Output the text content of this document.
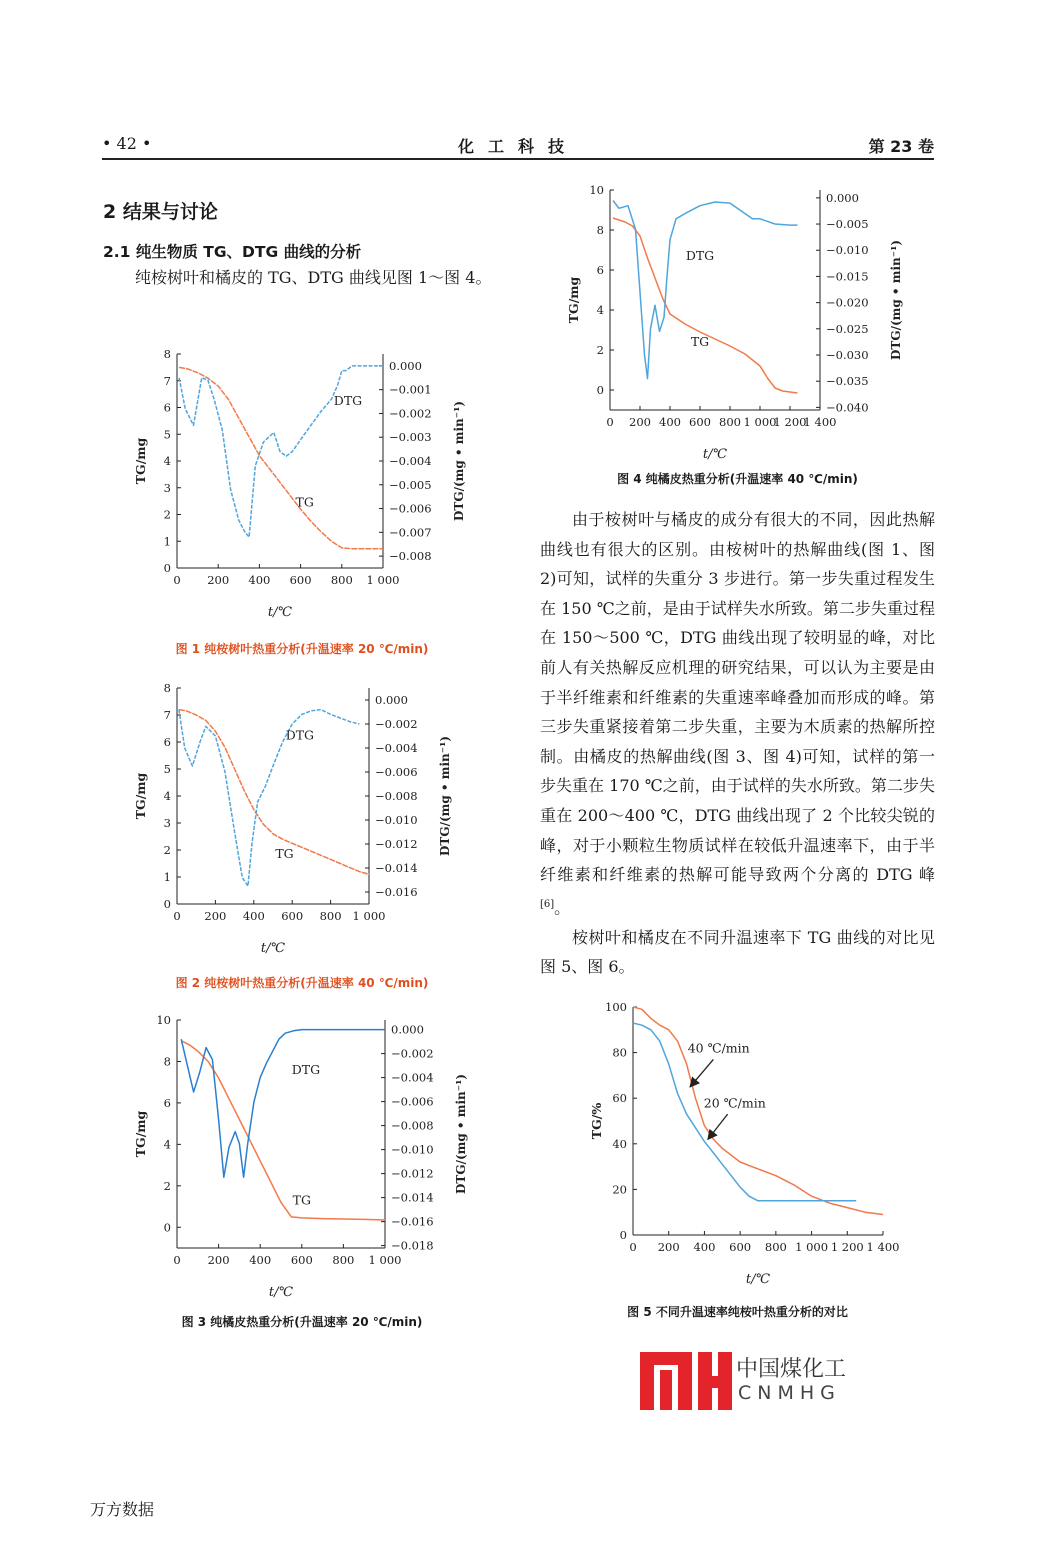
• 42 •	化工科技	第 23 卷
2 结果与讨论
2.1 纯生物质 TG、DTG 曲线的分析

纯桉树叶和橘皮的 TG、DTG 曲线见图 1～图 4。

0 200 400 600 800 1 000
0
1
2
3
4
5
6
7
8
0.000
−0.001
−0.002
−0.003
−0.004
−0.005
−0.006
−0.007
−0.008
t/℃
TG/mg	DTG/(mg • min⁻¹)
TG
DTG
图 1 纯桉树叶热重分析(升温速率 20 ℃/min)
0 200 400 600 800 1 000
0
1
2
3
4
5
6
7
8
0.000
−0.002
−0.004
−0.006
−0.008
−0.010
−0.012
−0.014
−0.016
t/℃
TG/mg	DTG/(mg • min⁻¹)
TG
DTG
图 2 纯桉树叶热重分析(升温速率 40 ℃/min)
0 200 400 600 800 1 000
0
2
4
6
8
10
0.000
−0.002
−0.004
−0.006
−0.008
−0.010
−0.012
−0.014
−0.016
−0.018
t/℃
TG/mg	DTG/(mg • min⁻¹)
TG
DTG
图 3 纯橘皮热重分析(升温速率 20 ℃/min)
0 200 400 600 800 1 000
1 200
1 400
0
2
4
6
8
10
0.000
−0.005
−0.010
−0.015
−0.020
−0.025
−0.030
−0.035
−0.040
t/℃
TG/mg	DTG/(mg • min⁻¹)
TG
DTG
图 4 纯橘皮热重分析(升温速率 40 ℃/min)

由于桉树叶与橘皮的成分有很大的不同，因此热解曲线也有很大的区别。由桉树叶的热解曲线(图 1、图 2)可知，试样的失重分 3 步进行。第一步失重过程发生在 150 ℃之前，是由于试样失水所致。第二步失重过程在 150～500 ℃，DTG 曲线出现了较明显的峰，对比前人有关热解反应机理的研究结果，可以认为主要是由于半纤维素和纤维素的失重速率峰叠加而形成的峰。第三步失重紧接着第二步失重，主要为木质素的热解所控制。由橘皮的热解曲线(图 3、图 4)可知，试样的第一步失重在 170 ℃之前，由于试样的失水所致。第二步失重在 200～400 ℃，DTG 曲线出现了 2 个比较尖锐的峰，对于小颗粒生物质试样在较低升温速率下，由于半纤维素和纤维素的热解可能导致两个分离的 DTG 峰[6]。

桉树叶和橘皮在不同升温速率下 TG 曲线的对比见图 5、图 6。

0 200 400 600 800 1 000 1 200 1 400
0
20
40
60
80
100
t/℃
TG/%
40 ℃/min
20 ℃/min
图 5 不同升温速率纯桉叶热重分析的对比
中国煤化工
CNMHG
万方数据
